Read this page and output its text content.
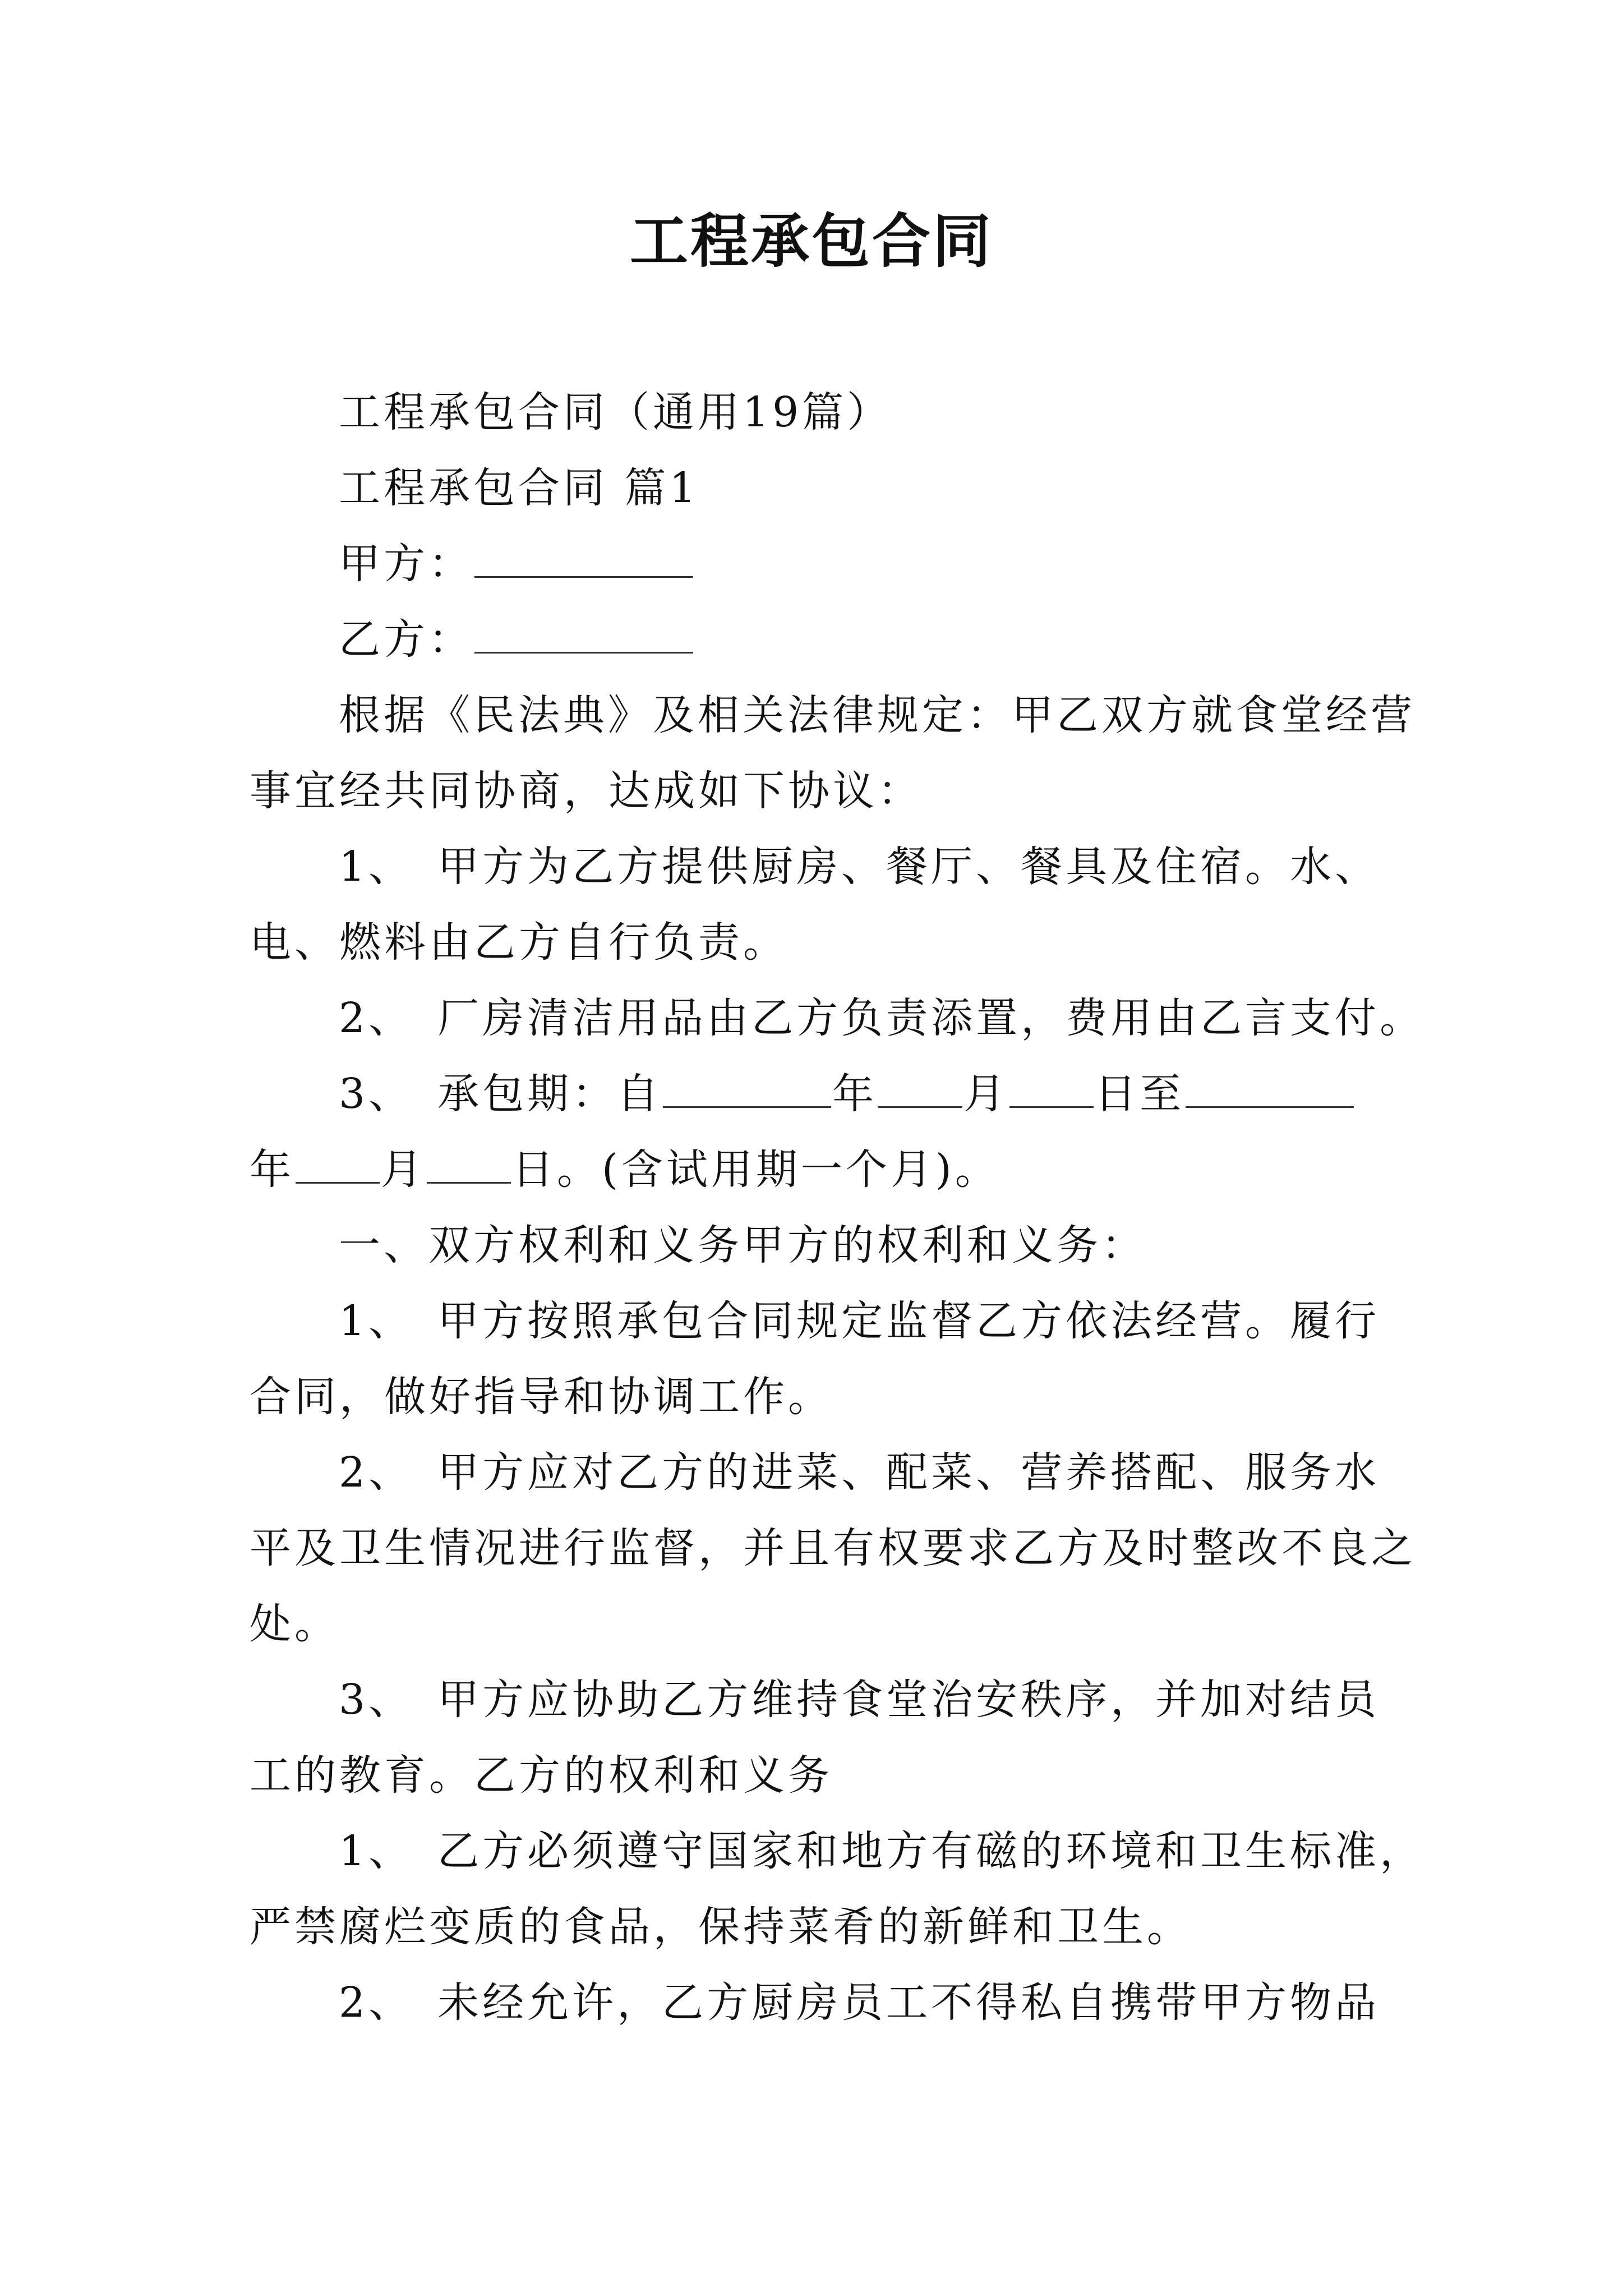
工程承包合同
工程承包合同（通用19篇）
工程承包合同 篇1
甲方：
乙方：
根据《民法典》及相关法律规定：甲乙双方就食堂经营
事宜经共同协商，达成如下协议：
1、　甲方为乙方提供厨房、餐厅、餐具及住宿。水、
电、燃料由乙方自行负责。
2、　厂房清洁用品由乙方负责添置，费用由乙言支付。
3、　承包期：自	年 月 日至
年 月 日。(含试用期一个月)。
一、双方权利和义务甲方的权利和义务：
1、　甲方按照承包合同规定监督乙方依法经营。履行
合同，做好指导和协调工作。
2、　甲方应对乙方的进菜、配菜、营养搭配、服务水
平及卫生情况进行监督，并且有权要求乙方及时整改不良之
处。
3、　甲方应协助乙方维持食堂治安秩序，并加对结员
工的教育。乙方的权利和义务
1、　乙方必须遵守国家和地方有磁的环境和卫生标准，
严禁腐烂变质的食品，保持菜肴的新鲜和卫生。
2、　未经允许，乙方厨房员工不得私自携带甲方物品
